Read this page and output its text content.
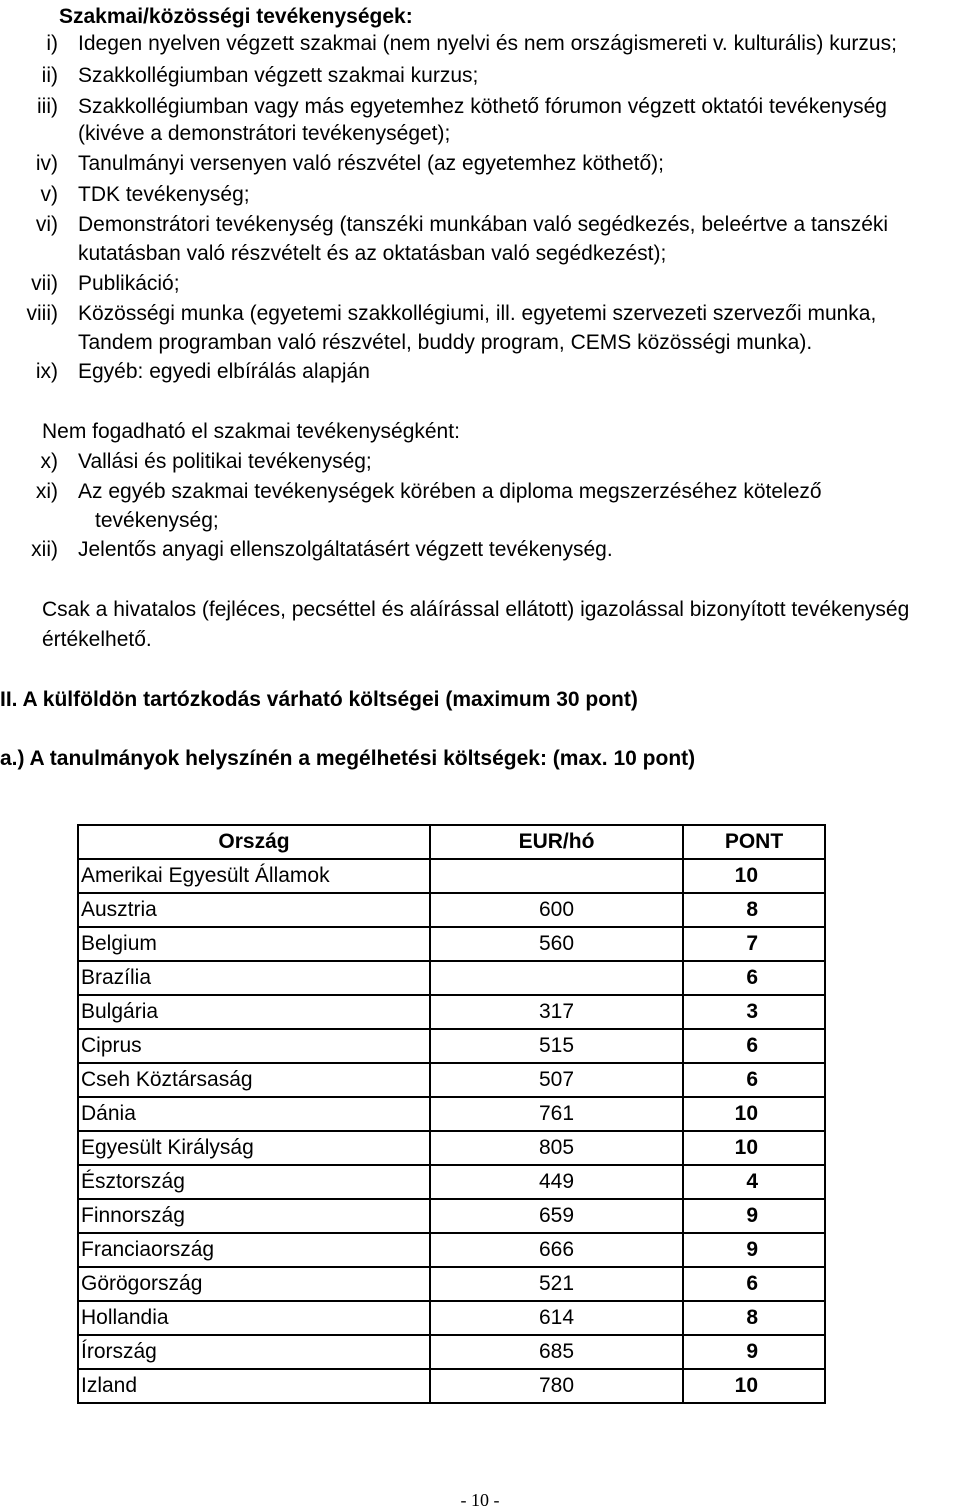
Szakmai/közösségi tevékenységek:
i) Idegen nyelven végzett szakmai (nem nyelvi és nem országismereti v. kulturális) kurzus;
ii) Szakkollégiumban végzett szakmai kurzus;
iii) Szakkollégiumban vagy más egyetemhez köthető fórumon végzett oktatói tevékenység
(kivéve a demonstrátori tevékenységet);
iv) Tanulmányi versenyen való részvétel (az egyetemhez köthető);
v) TDK tevékenység;
vi) Demonstrátori tevékenység (tanszéki munkában való segédkezés, beleértve a tanszéki
kutatásban való részvételt és az oktatásban való segédkezést);
vii) Publikáció;
viii) Közösségi munka (egyetemi szakkollégiumi, ill. egyetemi szervezeti szervezői munka,
Tandem programban való részvétel, buddy program, CEMS közösségi munka).
ix) Egyéb: egyedi elbírálás alapján
Nem fogadható el szakmai tevékenységként:
x) Vallási és politikai tevékenység;
xi) Az egyéb szakmai tevékenységek körében a diploma megszerzéséhez kötelező
tevékenység;
xii) Jelentős anyagi ellenszolgáltatásért végzett tevékenység.
Csak a hivatalos (fejléces, pecséttel és aláírással ellátott) igazolással bizonyított tevékenység
értékelhető.
II. A külföldön tartózkodás várható költségei (maximum 30 pont)
a.) A tanulmányok helyszínén a megélhetési költségek: (max. 10 pont)
Ország	EUR/hó	PONT
Amerikai Egyesült Államok		10
Ausztria	600	8
Belgium	560	7
Brazília		6
Bulgária	317	3
Ciprus	515	6
Cseh Köztársaság	507	6
Dánia	761	10
Egyesült Királyság	805	10
Észtország	449	4
Finnország	659	9
Franciaország	666	9
Görögország	521	6
Hollandia	614	8
Írország	685	9
Izland	780	10
- 10 -
